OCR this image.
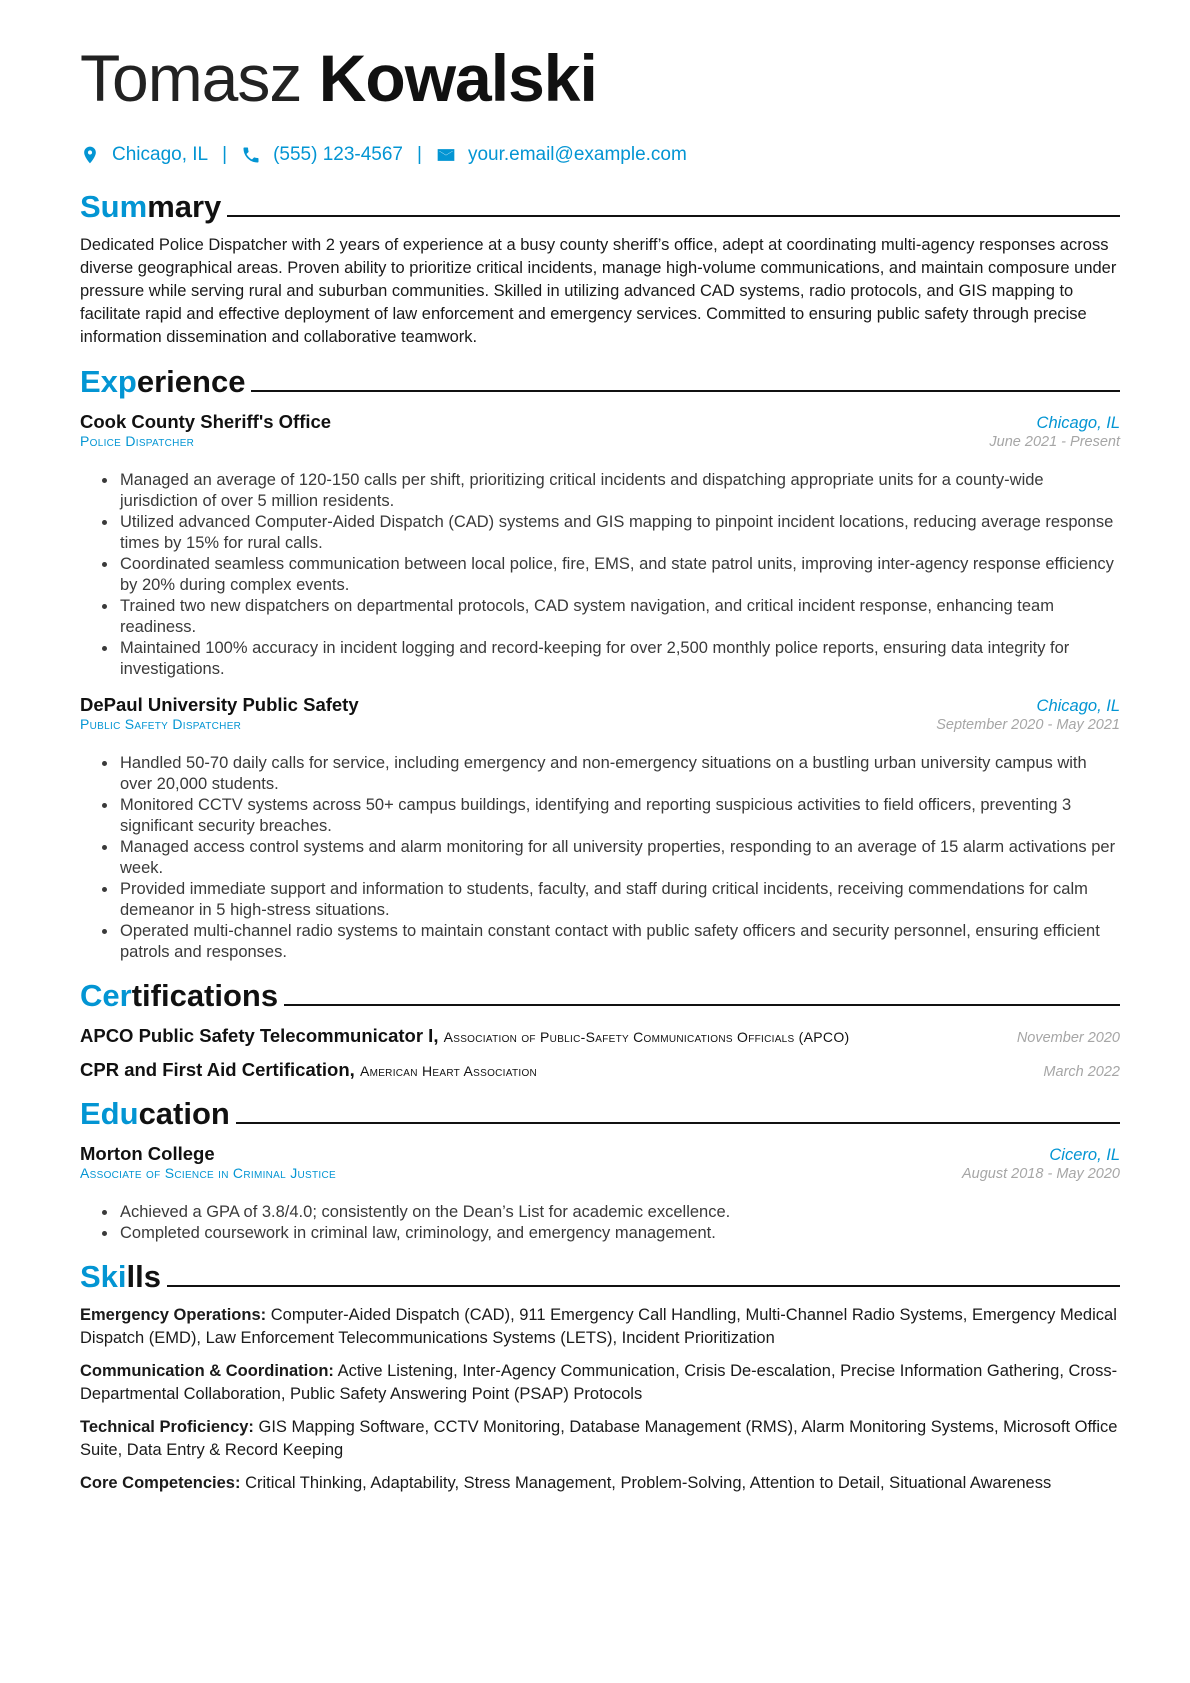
Tomasz Kowalski
Chicago, IL | (555) 123-4567 | your.email@example.com
Summary
Dedicated Police Dispatcher with 2 years of experience at a busy county sheriff’s office, adept at coordinating multi-agency responses across diverse geographical areas. Proven ability to prioritize critical incidents, manage high-volume communications, and maintain composure under pressure while serving rural and suburban communities. Skilled in utilizing advanced CAD systems, radio protocols, and GIS mapping to facilitate rapid and effective deployment of law enforcement and emergency services. Committed to ensuring public safety through precise information dissemination and collaborative teamwork.
Experience
Cook County Sheriff's Office	Chicago, IL
Police Dispatcher	June 2021 - Present
• Managed an average of 120-150 calls per shift, prioritizing critical incidents and dispatching appropriate units for a county-wide jurisdiction of over 5 million residents.
• Utilized advanced Computer-Aided Dispatch (CAD) systems and GIS mapping to pinpoint incident locations, reducing average response times by 15% for rural calls.
• Coordinated seamless communication between local police, fire, EMS, and state patrol units, improving inter-agency response efficiency by 20% during complex events.
• Trained two new dispatchers on departmental protocols, CAD system navigation, and critical incident response, enhancing team readiness.
• Maintained 100% accuracy in incident logging and record-keeping for over 2,500 monthly police reports, ensuring data integrity for investigations.
DePaul University Public Safety	Chicago, IL
Public Safety Dispatcher	September 2020 - May 2021
• Handled 50-70 daily calls for service, including emergency and non-emergency situations on a bustling urban university campus with over 20,000 students.
• Monitored CCTV systems across 50+ campus buildings, identifying and reporting suspicious activities to field officers, preventing 3 significant security breaches.
• Managed access control systems and alarm monitoring for all university properties, responding to an average of 15 alarm activations per week.
• Provided immediate support and information to students, faculty, and staff during critical incidents, receiving commendations for calm demeanor in 5 high-stress situations.
• Operated multi-channel radio systems to maintain constant contact with public safety officers and security personnel, ensuring efficient patrols and responses.
Certifications
APCO Public Safety Telecommunicator I, Association of Public-Safety Communications Officials (APCO)	November 2020
CPR and First Aid Certification, American Heart Association	March 2022
Education
Morton College	Cicero, IL
Associate of Science in Criminal Justice	August 2018 - May 2020
• Achieved a GPA of 3.8/4.0; consistently on the Dean’s List for academic excellence.
• Completed coursework in criminal law, criminology, and emergency management.
Skills
Emergency Operations: Computer-Aided Dispatch (CAD), 911 Emergency Call Handling, Multi-Channel Radio Systems, Emergency Medical Dispatch (EMD), Law Enforcement Telecommunications Systems (LETS), Incident Prioritization
Communication & Coordination: Active Listening, Inter-Agency Communication, Crisis De-escalation, Precise Information Gathering, Cross-Departmental Collaboration, Public Safety Answering Point (PSAP) Protocols
Technical Proficiency: GIS Mapping Software, CCTV Monitoring, Database Management (RMS), Alarm Monitoring Systems, Microsoft Office Suite, Data Entry & Record Keeping
Core Competencies: Critical Thinking, Adaptability, Stress Management, Problem-Solving, Attention to Detail, Situational Awareness
